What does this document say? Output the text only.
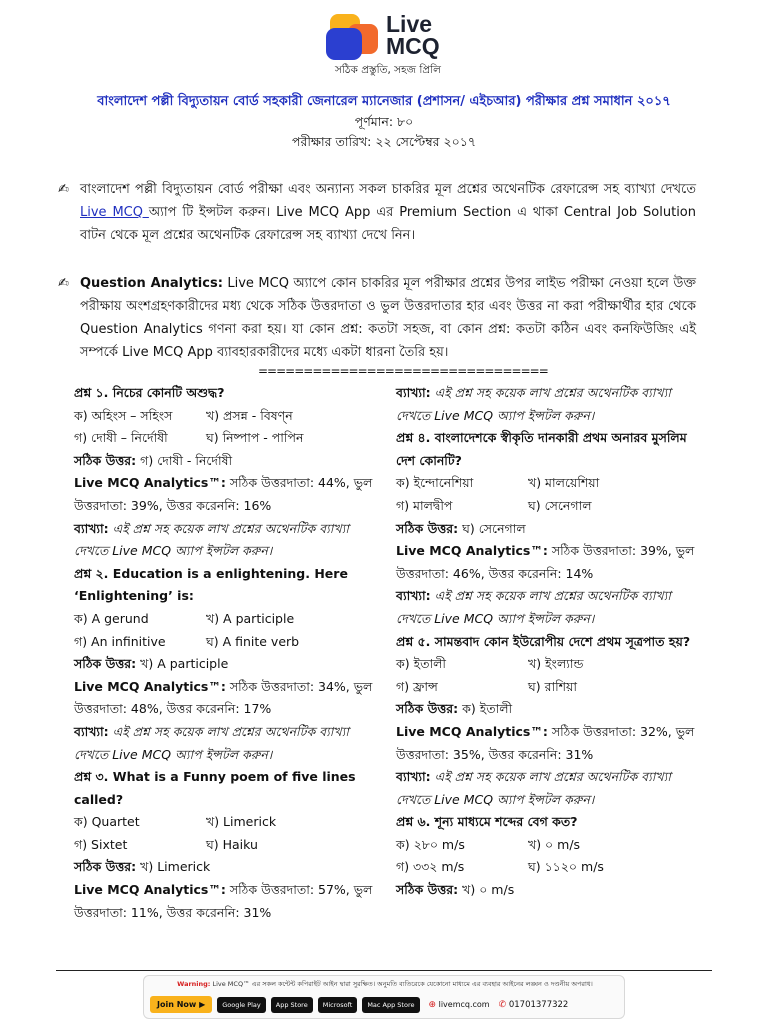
Live
MCQ
সঠিক প্রস্তুতি, সহজ প্রিলি
বাংলাদেশ পল্লী বিদ্যুতায়ন বোর্ড সহকারী জেনারেল ম্যানেজার (প্রশাসন/ এইচআর) পরীক্ষার প্রশ্ন সমাধান ২০১৭
পূর্ণমান: ৮০
পরীক্ষার তারিখ: ২২ সেপ্টেম্বর ২০১৭
✍ বাংলাদেশ পল্লী বিদ্যুতায়ন বোর্ড পরীক্ষা এবং অন্যান্য সকল চাকরির মূল প্রশ্নের অথেনটিক রেফারেন্স সহ ব্যাখ্যা দেখতে Live MCQ অ্যাপ টি ইন্সটল করুন। Live MCQ App এর Premium Section এ থাকা Central Job Solution বাটন থেকে মূল প্রশ্নের অথেনটিক রেফারেন্স সহ ব্যাখ্যা দেখে নিন।
✍ Question Analytics: Live MCQ অ্যাপে কোন চাকরির মূল পরীক্ষার প্রশ্নের উপর লাইভ পরীক্ষা নেওয়া হলে উক্ত পরীক্ষায় অংশগ্রহণকারীদের মধ্য থেকে সঠিক উত্তরদাতা ও ভুল উত্তরদাতার হার এবং উত্তর না করা পরীক্ষার্থীর হার থেকে Question Analytics গণনা করা হয়। যা কোন প্রশ্ন: কতটা সহজ, বা কোন প্রশ্ন: কতটা কঠিন এবং কনফিউজিং এই সম্পর্কে Live MCQ App ব্যাবহারকারীদের মধ্যে একটা ধারনা তৈরি হয়।
================================
প্রশ্ন ১. নিচের কোনটি অশুদ্ধ?
ক) অহিংস – সহিংস	খ) প্রসন্ন - বিষণ্ন
গ) দোষী – নির্দোষী	ঘ) নিষ্পাপ - পাপিন
সঠিক উত্তর: গ) দোষী - নির্দোষী
Live MCQ Analytics™: সঠিক উত্তরদাতা: 44%, ভুল উত্তরদাতা: 39%, উত্তর করেননি: 16%
ব্যাখ্যা: এই প্রশ্ন সহ কয়েক লাখ প্রশ্নের অথেনটিক ব্যাখ্যা দেখতে Live MCQ অ্যাপ ইন্সটল করুন।
প্রশ্ন ২. Education is a enlightening. Here ‘Enlightening’ is:
ক) A gerund	খ) A participle
গ) An infinitive	ঘ) A finite verb
সঠিক উত্তর: খ) A participle
Live MCQ Analytics™: সঠিক উত্তরদাতা: 34%, ভুল উত্তরদাতা: 48%, উত্তর করেননি: 17%
ব্যাখ্যা: এই প্রশ্ন সহ কয়েক লাখ প্রশ্নের অথেনটিক ব্যাখ্যা দেখতে Live MCQ অ্যাপ ইন্সটল করুন।
প্রশ্ন ৩. What is a Funny poem of five lines called?
ক) Quartet	খ) Limerick
গ) Sixtet	ঘ) Haiku
সঠিক উত্তর: খ) Limerick
Live MCQ Analytics™: সঠিক উত্তরদাতা: 57%, ভুল উত্তরদাতা: 11%, উত্তর করেননি: 31%
ব্যাখ্যা: এই প্রশ্ন সহ কয়েক লাখ প্রশ্নের অথেনটিক ব্যাখ্যা দেখতে Live MCQ অ্যাপ ইন্সটল করুন।
প্রশ্ন ৪. বাংলাদেশকে স্বীকৃতি দানকারী প্রথম অনারব মুসলিম দেশ কোনটি?
ক) ইন্দোনেশিয়া	খ) মালয়েশিয়া
গ) মালদ্বীপ	ঘ) সেনেগাল
সঠিক উত্তর: ঘ) সেনেগাল
Live MCQ Analytics™: সঠিক উত্তরদাতা: 39%, ভুল উত্তরদাতা: 46%, উত্তর করেননি: 14%
ব্যাখ্যা: এই প্রশ্ন সহ কয়েক লাখ প্রশ্নের অথেনটিক ব্যাখ্যা দেখতে Live MCQ অ্যাপ ইন্সটল করুন।
প্রশ্ন ৫. সামন্তবাদ কোন ইউরোপীয় দেশে প্রথম সূত্রপাত হয়?
ক) ইতালী	খ) ইংল্যান্ড
গ) ফ্রান্স	ঘ) রাশিয়া
সঠিক উত্তর: ক) ইতালী
Live MCQ Analytics™: সঠিক উত্তরদাতা: 32%, ভুল উত্তরদাতা: 35%, উত্তর করেননি: 31%
ব্যাখ্যা: এই প্রশ্ন সহ কয়েক লাখ প্রশ্নের অথেনটিক ব্যাখ্যা দেখতে Live MCQ অ্যাপ ইন্সটল করুন।
প্রশ্ন ৬. শূন্য মাধ্যমে শব্দের বেগ কত?
ক) ২৮০ m/s	খ) ০ m/s
গ) ৩৩২ m/s	ঘ) ১১২০ m/s
সঠিক উত্তর: খ) ০ m/s
Warning: Live MCQ™ এর সকল কন্টেন্ট কপিরাইট আইন দ্বারা সুরক্ষিত। অনুমতি ব্যতিরেকে যেকোনো মাধ্যমে এর ব্যবহার আইনের লঙ্ঘন ও দণ্ডনীয় অপরাধ।
Join Now ▶	Google Play	App Store	Microsoft	Mac App Store	⊕ livemcq.com ✆ 01701377322
